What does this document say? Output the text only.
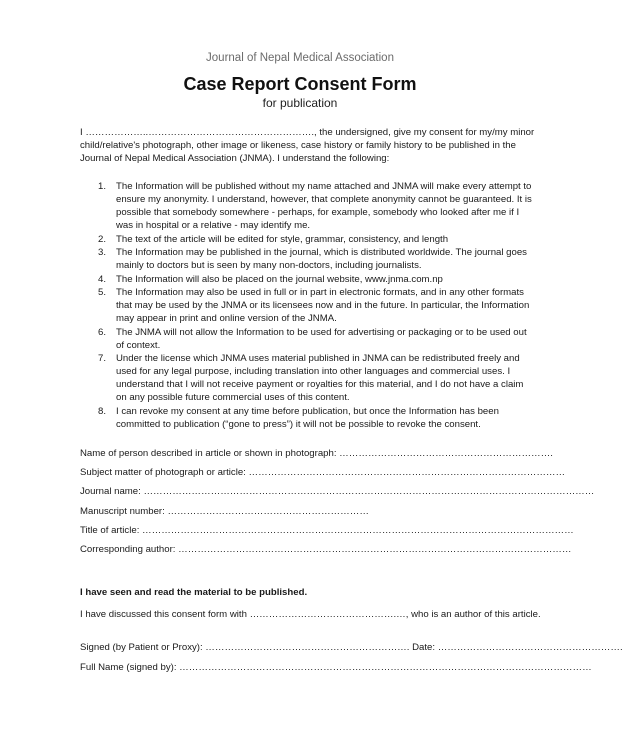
Journal of Nepal Medical Association
Case Report Consent Form
for publication

I ………………..……………………………………………., the undersigned, give my consent for my/my minor child/relative's photograph, other image or likeness, case history or family history to be published in the Journal of Nepal Medical Association (JNMA). I understand the following:

1. The Information will be published without my name attached and JNMA will make every attempt to ensure my anonymity. I understand, however, that complete anonymity cannot be guaranteed. It is possible that somebody somewhere - perhaps, for example, somebody who looked after me if I was in hospital or a relative - may identify me.
2. The text of the article will be edited for style, grammar, consistency, and length
3. The Information may be published in the journal, which is distributed worldwide. The journal goes mainly to doctors but is seen by many non-doctors, including journalists.
4. The Information will also be placed on the journal website, www.jnma.com.np
5. The Information may also be used in full or in part in electronic formats, and in any other formats that may be used by the JNMA or its licensees now and in the future. In particular, the Information may appear in print and online version of the JNMA.
6. The JNMA will not allow the Information to be used for advertising or packaging or to be used out of context.
7. Under the license which JNMA uses material published in JNMA can be redistributed freely and used for any legal purpose, including translation into other languages and commercial uses. I understand that I will not receive payment or royalties for this material, and I do not have a claim on any possible future commercial uses of this content.
8. I can revoke my consent at any time before publication, but once the Information has been committed to publication (“gone to press”) it will not be possible to revoke the consent.
Name of person described in article or shown in photograph: ………………………………………………………….
Subject matter of photograph or article: ………………………………………………………………………………………
Journal name: ……………………………………………………………………………………………………………………………
Manuscript number: ………………………………………………………
Title of article: ………………………………………………………………………………………………………………………
Corresponding author: ……………………………………………………………………………………………………………
I have seen and read the material to be published.
I have discussed this consent form with ……………………………………….…, who is an author of this article.
Signed (by Patient or Proxy): ………………………………………………………. Date: ………………………………………………….
Full Name (signed by): …………………………………………………………………………………………………………………
